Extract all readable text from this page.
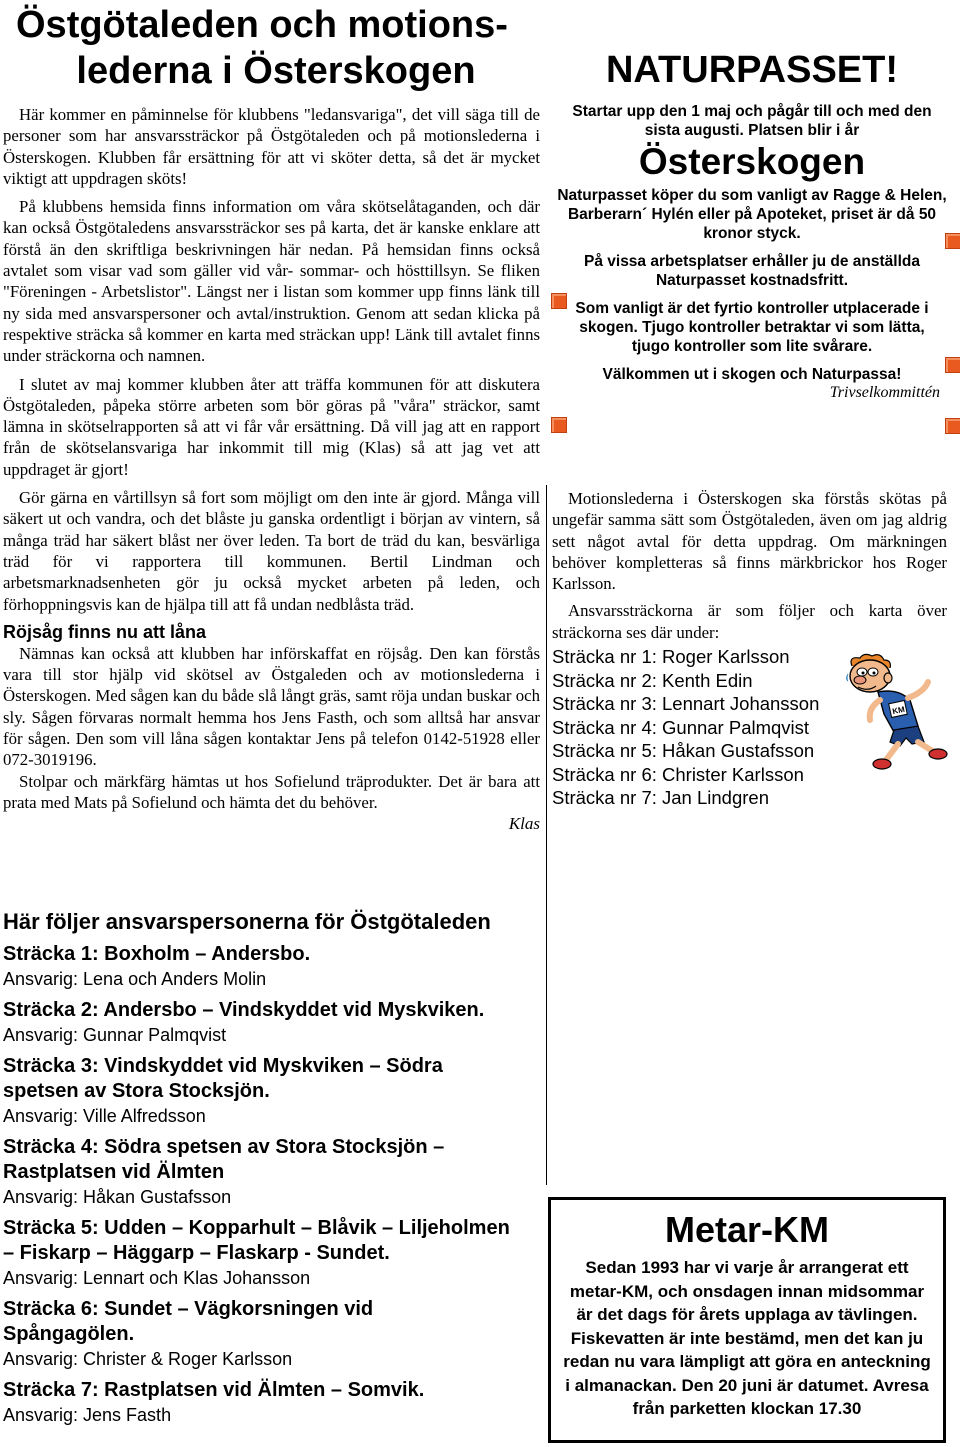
Östgötaleden och motions-
lederna i Österskogen

Här kommer en påminnelse för klubbens "ledansvariga", det vill säga till de personer som har ansvarssträckor på Östgötaleden och på motionslederna i Österskogen. Klubben får ersättning för att vi sköter detta, så det är mycket viktigt att uppdragen sköts!

På klubbens hemsida finns information om våra skötselåtaganden, och där kan också Östgötaledens ansvarssträckor ses på karta, det är kanske enklare att förstå än den skriftliga beskrivningen här nedan. På hemsidan finns också avtalet som visar vad som gäller vid vår- sommar- och hösttillsyn. Se fliken "Föreningen - Arbetslistor". Längst ner i listan som kommer upp finns länk till ny sida med ansvarspersoner och avtal/instruktion. Genom att sedan klicka på respektive sträcka så kommer en karta med sträckan upp! Länk till avtalet finns under sträckorna och namnen.

I slutet av maj kommer klubben åter att träffa kommunen för att diskutera Östgötaleden, påpeka större arbeten som bör göras på "våra" sträckor, samt lämna in skötselrapporten så att vi får vår ersättning. Då vill jag att en rapport från de skötselansvariga har inkommit till mig (Klas) så att jag vet att uppdraget är gjort!

Gör gärna en vårtillsyn så fort som möjligt om den inte är gjord. Många vill säkert ut och vandra, och det blåste ju ganska ordentligt i början av vintern, så många träd har säkert blåst ner över leden. Ta bort de träd du kan, besvärliga träd för vi rapportera till kommunen. Bertil Lindman och arbetsmarknadsenheten gör ju också mycket arbeten på leden, och förhoppningsvis kan de hjälpa till att få undan nedblåsta träd.

Röjsåg finns nu att låna

Nämnas kan också att klubben har införskaffat en röjsåg. Den kan förstås vara till stor hjälp vid skötsel av Östgaleden och av motionslederna i Österskogen. Med sågen kan du både slå långt gräs, samt röja undan buskar och sly. Sågen förvaras normalt hemma hos Jens Fasth, och som alltså har ansvar för sågen. Den som vill låna sågen kontaktar Jens på telefon 0142-51928 eller 072-3019196.

Stolpar och märkfärg hämtas ut hos Sofielund träprodukter. Det är bara att prata med Mats på Sofielund och hämta det du behöver.

Klas

Här följer ansvarspersonerna för Östgötaleden

Sträcka 1: Boxholm – Andersbo.

Ansvarig: Lena och Anders Molin

Sträcka 2: Andersbo – Vindskyddet vid Myskviken.

Ansvarig: Gunnar Palmqvist

Sträcka 3: Vindskyddet vid Myskviken – Södra spetsen av Stora Stocksjön.

Ansvarig: Ville Alfredsson

Sträcka 4: Södra spetsen av Stora Stocksjön – Rastplatsen vid Älmten

Ansvarig: Håkan Gustafsson

Sträcka 5: Udden – Kopparhult – Blåvik – Liljeholmen – Fiskarp – Häggarp – Flaskarp - Sundet.

Ansvarig: Lennart och Klas Johansson

Sträcka 6: Sundet – Vägkorsningen vid Spångagölen.

Ansvarig: Christer & Roger Karlsson

Sträcka 7: Rastplatsen vid Älmten – Somvik.

Ansvarig: Jens Fasth

NATURPASSET!

Startar upp den 1 maj och pågår till och med den sista augusti. Platsen blir i år

Österskogen

Naturpasset köper du som vanligt av Ragge & Helen, Barberarn´ Hylén eller på Apoteket, priset är då 50 kronor styck.

På vissa arbetsplatser erhåller ju de anställda Naturpasset kostnadsfritt.

Som vanligt är det fyrtio kontroller utplacerade i skogen. Tjugo kontroller betraktar vi som lätta, tjugo kontroller som lite svårare.

Välkommen ut i skogen och Naturpassa!

Trivselkommittén

Motionslederna i Österskogen ska förstås skötas på ungefär samma sätt som Östgötaleden, även om jag aldrig sett något avtal för detta uppdrag. Om märkningen behöver kompletteras så finns märkbrickor hos Roger Karlsson.

Ansvarssträckorna är som följer och karta över sträckorna ses där under:

Sträcka nr 1: Roger Karlsson

Sträcka nr 2: Kenth Edin

Sträcka nr 3: Lennart Johansson

Sträcka nr 4: Gunnar Palmqvist

Sträcka nr 5: Håkan Gustafsson

Sträcka nr 6: Christer Karlsson

Sträcka nr 7: Jan Lindgren

KM

Metar-KM

Sedan 1993 har vi varje år arrangerat ett metar-KM, och onsdagen innan midsommar är det dags för årets upplaga av tävlingen. Fiskevatten är inte bestämd, men det kan ju redan nu vara lämpligt att göra en anteckning i almanackan. Den 20 juni är datumet. Avresa från parketten klockan 17.30
